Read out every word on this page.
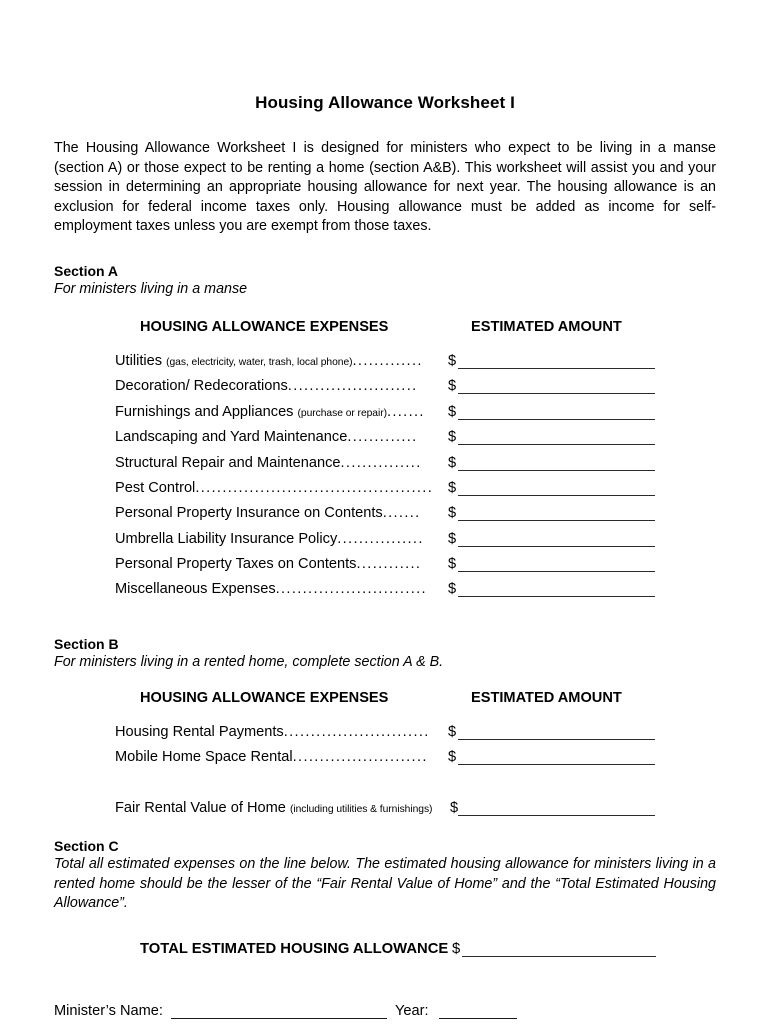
Housing Allowance Worksheet I

The Housing Allowance Worksheet I is designed for ministers who expect to be living in a manse (section A) or those expect to be renting a home (section A&B). This worksheet will assist you and your session in determining an appropriate housing allowance for next year. The housing allowance is an exclusion for federal income taxes only. Housing allowance must be added as income for self-employment taxes unless you are exempt from those taxes.

Section A
For ministers living in a manse
HOUSING ALLOWANCE EXPENSES	ESTIMATED AMOUNT
Utilities (gas, electricity, water, trash, local phone)............. $
Decoration/ Redecorations........................ $
Furnishings and Appliances (purchase or repair)....... $
Landscaping and Yard Maintenance............. $
Structural Repair and Maintenance............... $
Pest Control............................................ $
Personal Property Insurance on Contents....... $
Umbrella Liability Insurance Policy................ $
Personal Property Taxes on Contents............ $
Miscellaneous Expenses............................ $
Section B
For ministers living in a rented home, complete section A & B.
HOUSING ALLOWANCE EXPENSES	ESTIMATED AMOUNT
Housing Rental Payments........................... $
Mobile Home Space Rental......................... $
Fair Rental Value of Home (including utilities & furnishings) $
Section C

Total all estimated expenses on the line below. The estimated housing allowance for ministers living in a rented home should be the lesser of the “Fair Rental Value of Home” and the “Total Estimated Housing Allowance”.

TOTAL ESTIMATED HOUSING ALLOWANCE $
Minister’s Name:	Year:
